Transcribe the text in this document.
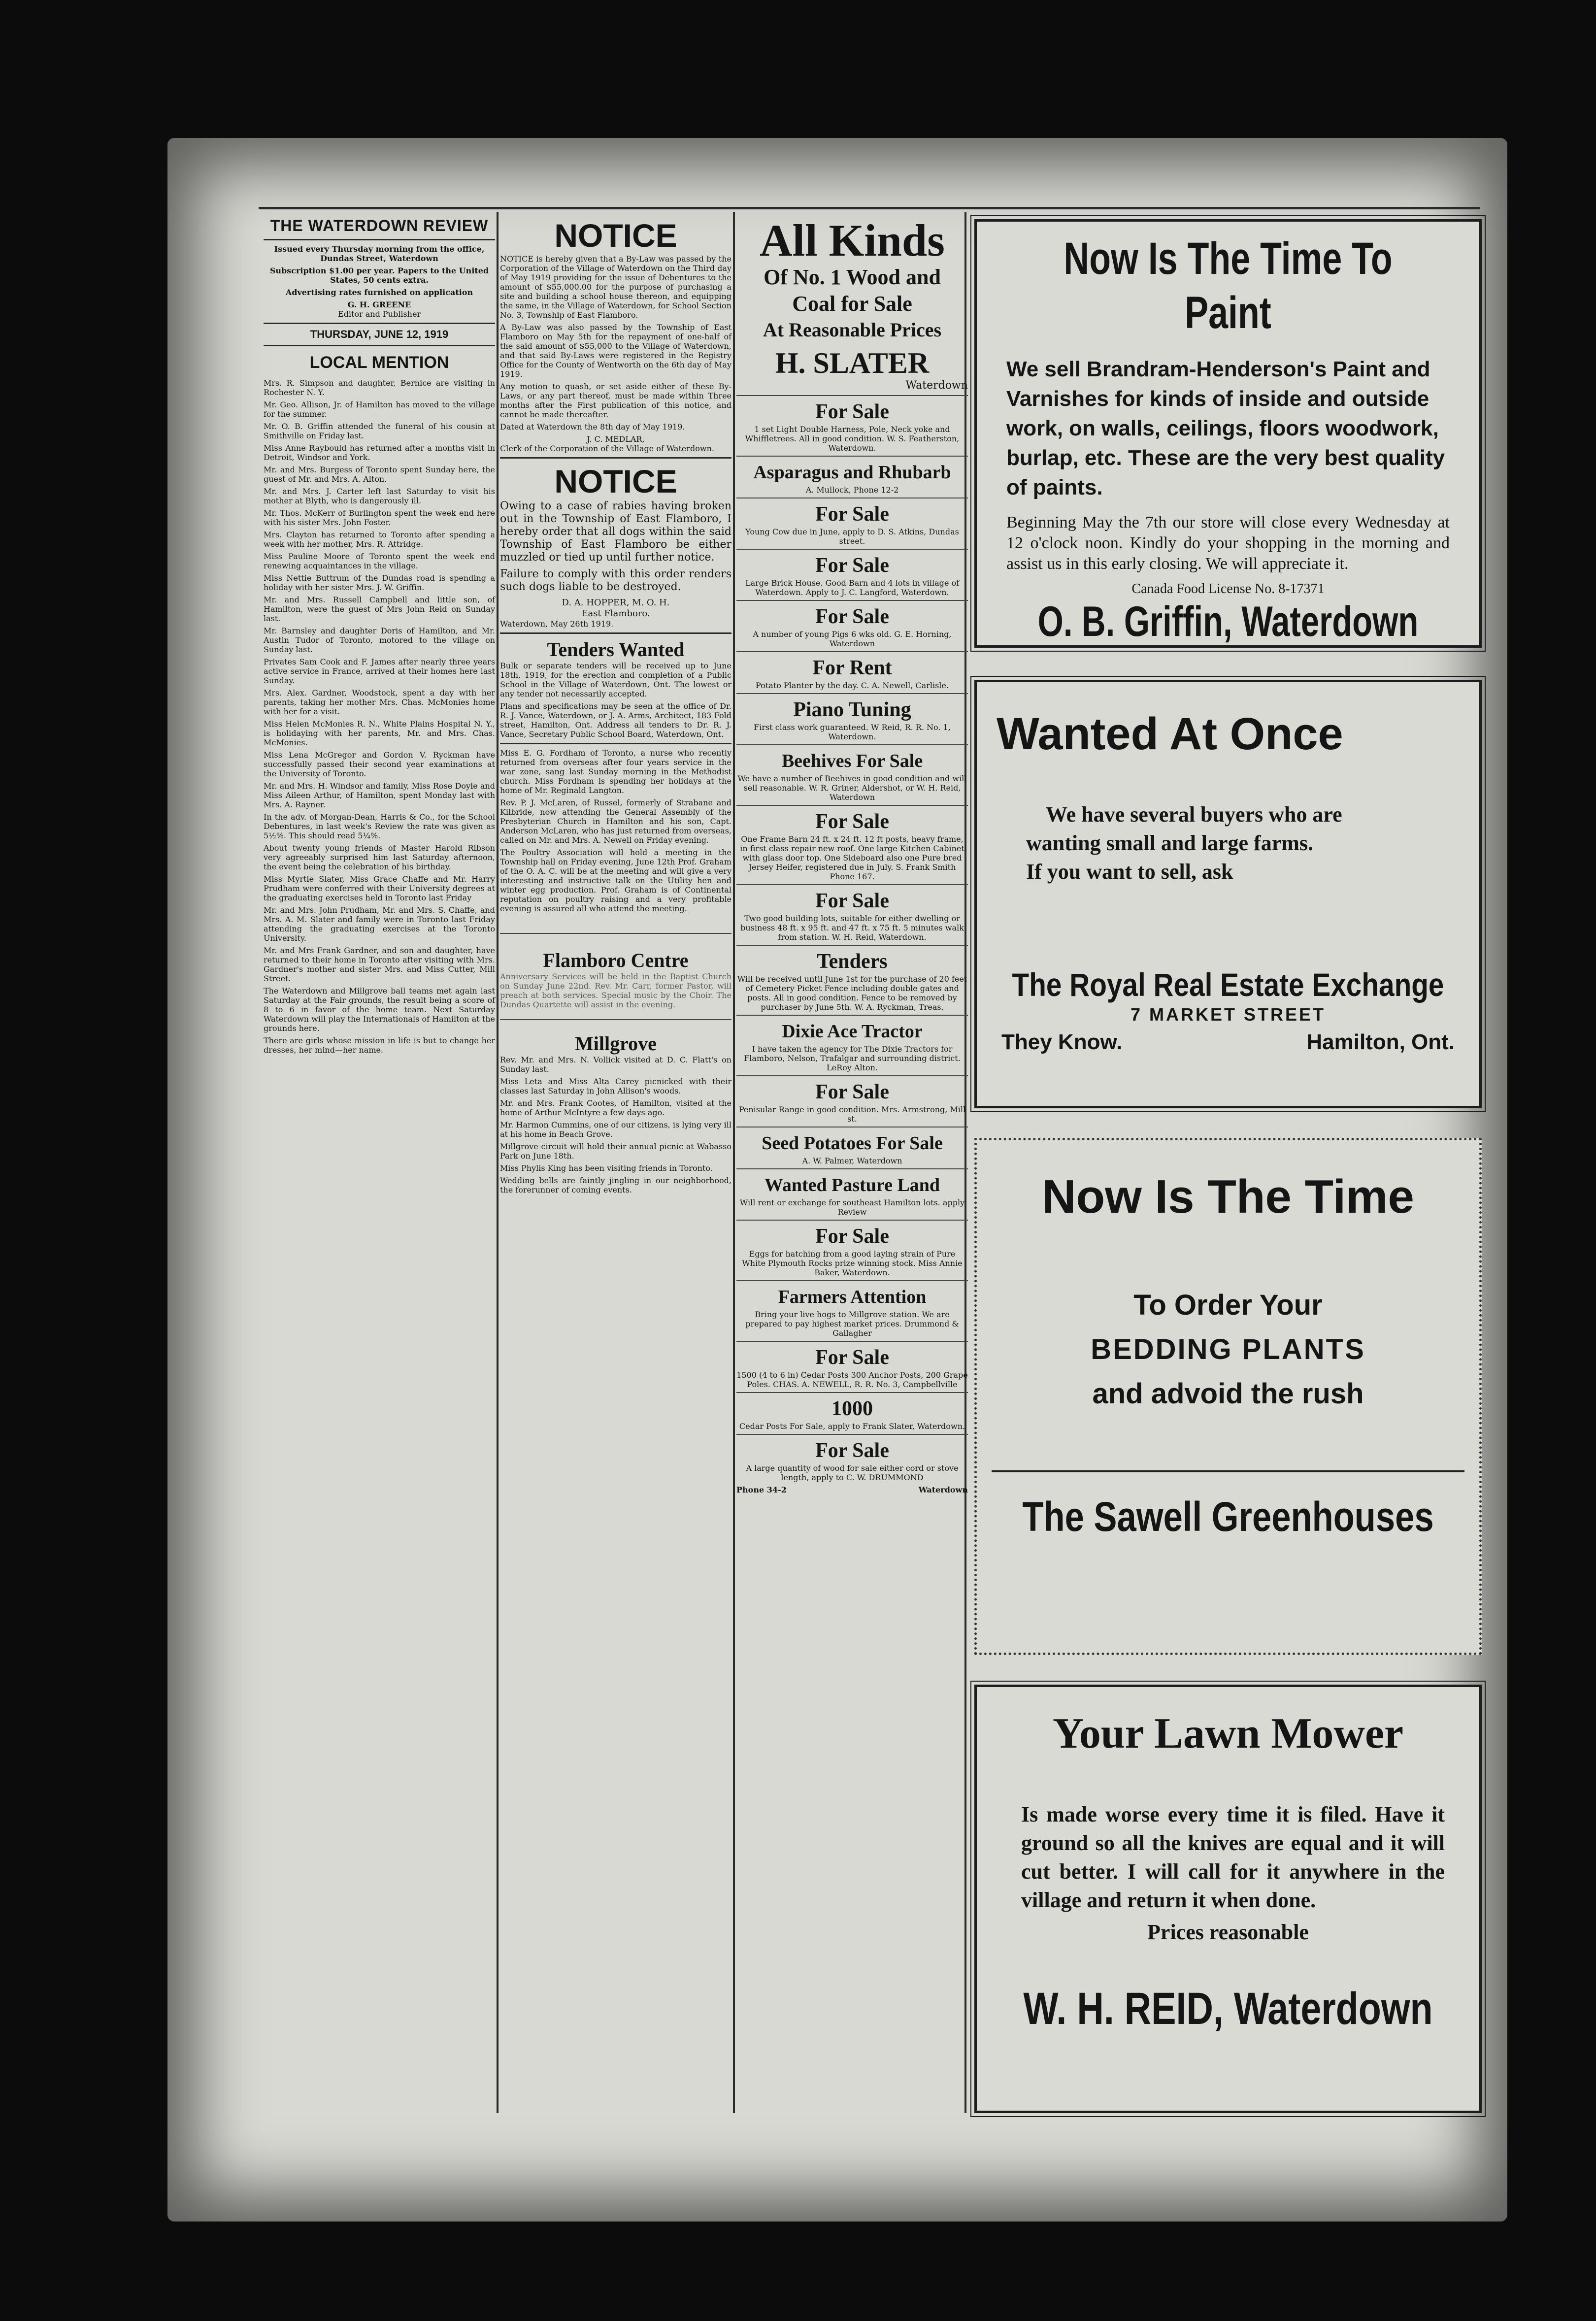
THE WATERDOWN REVIEW

Issued every Thursday morning from the office, Dundas Street, Waterdown

Subscription $1.00 per year. Papers to the United States, 50 cents extra.

Advertising rates furnished on application

G. H. GREENE

Editor and Publisher

THURSDAY, JUNE 12, 1919

LOCAL MENTION

Mrs. R. Simpson and daughter, Bernice are visiting in Rochester N. Y.

Mr. Geo. Allison, Jr. of Hamilton has moved to the village for the summer.

Mr. O. B. Griffin attended the funeral of his cousin at Smithville on Friday last.

Miss Anne Raybould has returned after a months visit in Detroit, Windsor and York.

Mr. and Mrs. Burgess of Toronto spent Sunday here, the guest of Mr. and Mrs. A. Alton.

Mr. and Mrs. J. Carter left last Saturday to visit his mother at Blyth, who is dangerously ill.

Mr. Thos. McKerr of Burlington spent the week end here with his sister Mrs. John Foster.

Mrs. Clayton has returned to Toronto after spending a week with her mother, Mrs. R. Attridge.

Miss Pauline Moore of Toronto spent the week end renewing acquaintances in the village.

Miss Nettie Buttrum of the Dundas road is spending a holiday with her sister Mrs. J. W. Griffin.

Mr. and Mrs. Russell Campbell and little son, of Hamilton, were the guest of Mrs John Reid on Sunday last.

Mr. Barnsley and daughter Doris of Hamilton, and Mr. Austin Tudor of Toronto, motored to the village on Sunday last.

Privates Sam Cook and F. James after nearly three years active service in France, arrived at their homes here last Sunday.

Mrs. Alex. Gardner, Woodstock, spent a day with her parents, taking her mother Mrs. Chas. McMonies home with her for a visit.

Miss Helen McMonies R. N., White Plains Hospital N. Y., is holidaying with her parents, Mr. and Mrs. Chas. McMonies.

Miss Lena McGregor and Gordon V. Ryckman have successfully passed their second year examinations at the University of Toronto.

Mr. and Mrs. H. Windsor and family, Miss Rose Doyle and Miss Aileen Arthur, of Hamilton, spent Monday last with Mrs. A. Rayner.

In the adv. of Morgan-Dean, Harris & Co., for the School Debentures, in last week's Review the rate was given as 5½%. This should read 5¼%.

About twenty young friends of Master Harold Ribson very agreeably surprised him last Saturday afternoon, the event being the celebration of his birthday.

Miss Myrtle Slater, Miss Grace Chaffe and Mr. Harry Prudham were conferred with their University degrees at the graduating exercises held in Toronto last Friday

Mr. and Mrs. John Prudham, Mr. and Mrs. S. Chaffe, and Mrs. A. M. Slater and family were in Toronto last Friday attending the graduating exercises at the Toronto University.

Mr. and Mrs Frank Gardner, and son and daughter, have returned to their home in Toronto after visiting with Mrs. Gardner's mother and sister Mrs. and Miss Cutter, Mill Street.

The Waterdown and Millgrove ball teams met again last Saturday at the Fair grounds, the result being a score of 8 to 6 in favor of the home team. Next Saturday Waterdown will play the Internationals of Hamilton at the grounds here.

There are girls whose mission in life is but to change her dresses, her mind—her name.

NOTICE

NOTICE is hereby given that a By-Law was passed by the Corporation of the Village of Waterdown on the Third day of May 1919 providing for the issue of Debentures to the amount of $55,000.00 for the purpose of purchasing a site and building a school house thereon, and equipping the same, in the Village of Waterdown, for School Section No. 3, Township of East Flamboro.

A By-Law was also passed by the Township of East Flamboro on May 5th for the repayment of one-half of the said amount of $55,000 to the Village of Waterdown, and that said By-Laws were registered in the Registry Office for the County of Wentworth on the 6th day of May 1919.

Any motion to quash, or set aside either of these By-Laws, or any part thereof, must be made within Three months after the First publication of this notice, and cannot be made thereafter.

Dated at Waterdown the 8th day of May 1919.

J. C. MEDLAR,

Clerk of the Corporation of the Village of Waterdown.

NOTICE

Owing to a case of rabies having broken out in the Township of East Flamboro, I hereby order that all dogs within the said Township of East Flamboro be either muzzled or tied up until further notice.

Failure to comply with this order renders such dogs liable to be destroyed.

D. A. HOPPER, M. O. H.

East Flamboro.

Waterdown, May 26th 1919.

Tenders Wanted

Bulk or separate tenders will be received up to June 18th, 1919, for the erection and completion of a Public School in the Village of Waterdown, Ont. The lowest or any tender not necessarily accepted.

Plans and specifications may be seen at the office of Dr. R. J. Vance, Waterdown, or J. A. Arms, Architect, 183 Fold street, Hamilton, Ont. Address all tenders to Dr. R. J. Vance, Secretary Public School Board, Waterdown, Ont.

Miss E. G. Fordham of Toronto, a nurse who recently returned from overseas after four years service in the war zone, sang last Sunday morning in the Methodist church. Miss Fordham is spending her holidays at the home of Mr. Reginald Langton.

Rev. P. J. McLaren, of Russel, formerly of Strabane and Kilbride, now attending the General Assembly of the Presbyterian Church in Hamilton and his son, Capt. Anderson McLaren, who has just returned from overseas, called on Mr. and Mrs. A. Newell on Friday evening.

The Poultry Association will hold a meeting in the Township hall on Friday evening, June 12th Prof. Graham of the O. A. C. will be at the meeting and will give a very interesting and instructive talk on the Utility hen and winter egg production. Prof. Graham is of Continental reputation on poultry raising and a very profitable evening is assured all who attend the meeting.

Flamboro Centre

Anniversary Services will be held in the Baptist Church on Sunday June 22nd. Rev. Mr. Carr, former Pastor, will preach at both services. Special music by the Choir. The Dundas Quartette will assist in the evening.

Millgrove

Rev. Mr. and Mrs. N. Vollick visited at D. C. Flatt's on Sunday last.

Miss Leta and Miss Alta Carey picnicked with their classes last Saturday in John Allison's woods.

Mr. and Mrs. Frank Cootes, of Hamilton, visited at the home of Arthur McIntyre a few days ago.

Mr. Harmon Cummins, one of our citizens, is lying very ill at his home in Beach Grove.

Millgrove circuit will hold their annual picnic at Wabasso Park on June 18th.

Miss Phylis King has been visiting friends in Toronto.

Wedding bells are faintly jingling in our neighborhood, the forerunner of coming events.

All Kinds

Of No. 1 Wood and

Coal for Sale

At Reasonable Prices

H. SLATER

Waterdown

For Sale

1 set Light Double Harness, Pole, Neck yoke and Whiffletrees. All in good condition. W. S. Featherston, Waterdown.

Asparagus and Rhubarb

A. Mullock, Phone 12-2

For Sale

Young Cow due in June, apply to D. S. Atkins, Dundas street.

For Sale

Large Brick House, Good Barn and 4 lots in village of Waterdown. Apply to J. C. Langford, Waterdown.

For Sale

A number of young Pigs 6 wks old. G. E. Horning, Waterdown

For Rent

Potato Planter by the day. C. A. Newell, Carlisle.

Piano Tuning

First class work guaranteed. W Reid, R. R. No. 1, Waterdown.

Beehives For Sale

We have a number of Beehives in good condition and will sell reasonable. W. R. Griner, Aldershot, or W. H. Reid, Waterdown

For Sale

One Frame Barn 24 ft. x 24 ft. 12 ft posts, heavy frame, in first class repair new roof. One large Kitchen Cabinet with glass door top. One Sideboard also one Pure bred Jersey Heifer, registered due in July. S. Frank Smith Phone 167.

For Sale

Two good building lots, suitable for either dwelling or business 48 ft. x 95 ft. and 47 ft. x 75 ft. 5 minutes walk from station. W. H. Reid, Waterdown.

Tenders

Will be received until June 1st for the purchase of 20 feet of Cemetery Picket Fence including double gates and posts. All in good condition. Fence to be removed by purchaser by June 5th. W. A. Ryckman, Treas.

Dixie Ace Tractor

I have taken the agency for The Dixie Tractors for Flamboro, Nelson, Trafalgar and surrounding district. LeRoy Alton.

For Sale

Penisular Range in good condition. Mrs. Armstrong, Mill st.

Seed Potatoes For Sale

A. W. Palmer, Waterdown

Wanted Pasture Land

Will rent or exchange for southeast Hamilton lots. apply Review

For Sale

Eggs for hatching from a good laying strain of Pure White Plymouth Rocks prize winning stock. Miss Annie Baker, Waterdown.

Farmers Attention

Bring your live hogs to Millgrove station. We are prepared to pay highest market prices. Drummond & Gallagher

For Sale

1500 (4 to 6 in) Cedar Posts 300 Anchor Posts, 200 Grape Poles. CHAS. A. NEWELL, R. R. No. 3, Campbellville

1000

Cedar Posts For Sale, apply to Frank Slater, Waterdown.

For Sale

A large quantity of wood for sale either cord or stove length, apply to C. W. DRUMMOND

Phone 34-2	Waterdown

Now Is The Time To Paint

We sell Brandram-Henderson's Paint and Varnishes for kinds of inside and outside work, on walls, ceilings, floors woodwork, burlap, etc. These are the very best quality of paints.

Beginning May the 7th our store will close every Wednesday at 12 o'clock noon. Kindly do your shopping in the morning and assist us in this early closing. We will appreciate it.

Canada Food License No. 8-17371

O. B. Griffin, Waterdown

Wanted At Once

We have several buyers who are

wanting small and large farms.

If you want to sell, ask

The Royal Real Estate Exchange

7 MARKET STREET

They Know.	Hamilton, Ont.

Now Is The Time

To Order Your

BEDDING PLANTS

and advoid the rush

The Sawell Greenhouses

Your Lawn Mower

Is made worse every time it is filed. Have it ground so all the knives are equal and it will cut better. I will call for it anywhere in the village and return it when done.

Prices reasonable

W. H. REID, Waterdown
